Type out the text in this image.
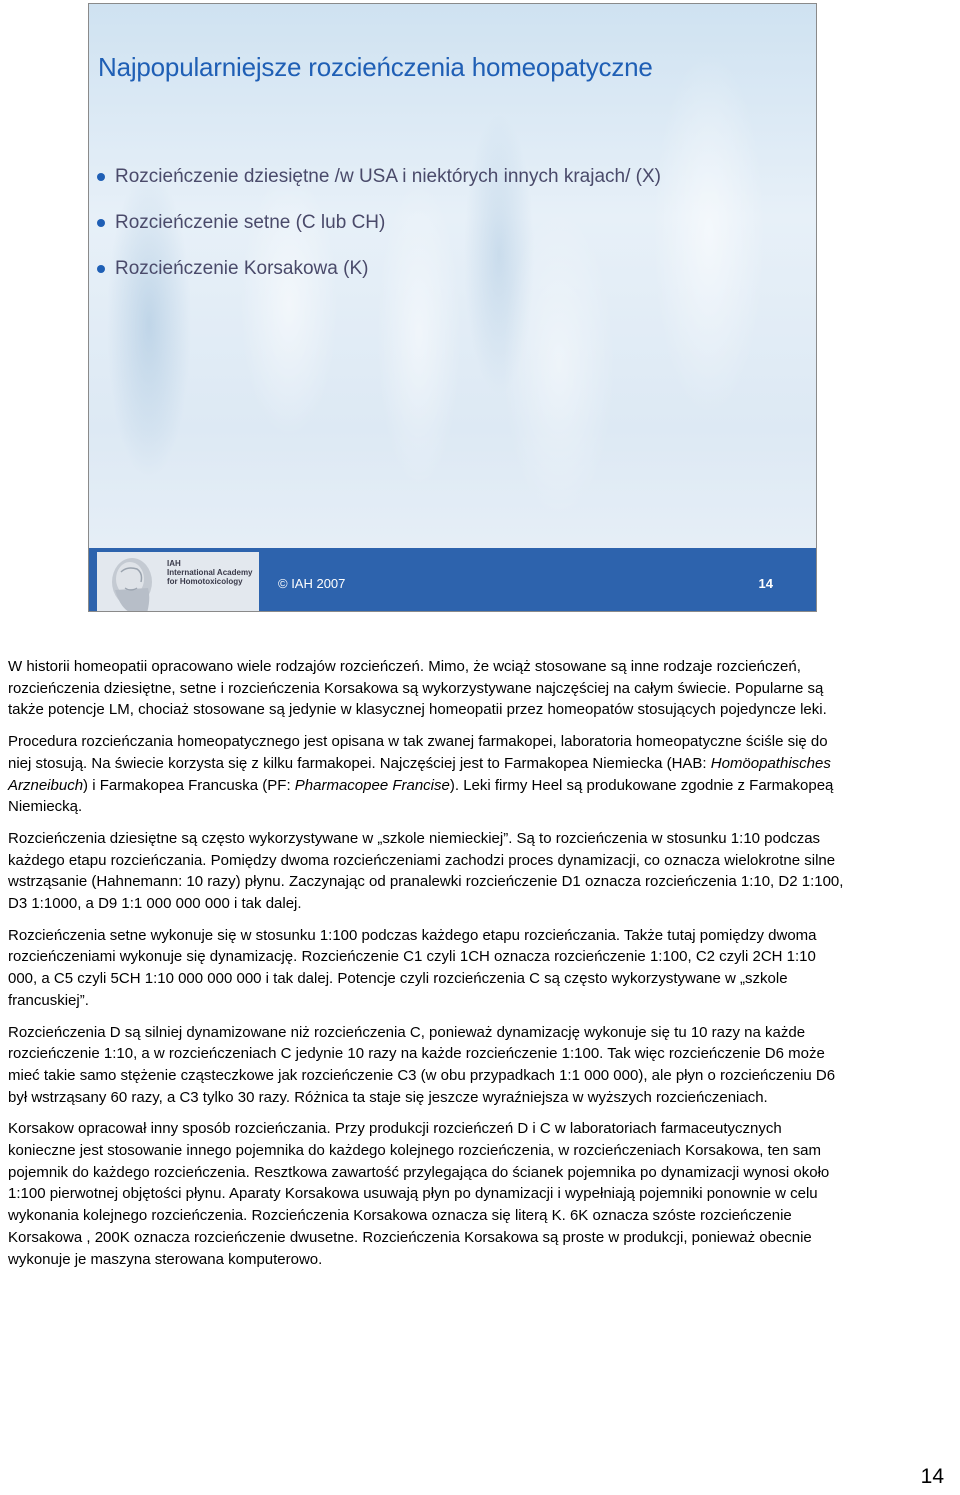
Najpopularniejsze rozcieńczenia homeopatyczne
Rozcieńczenie dziesiętne /w USA i niektórych innych krajach/ (X)
Rozcieńczenie setne (C lub CH)
Rozcieńczenie Korsakowa (K)
IAH
International Academy
for Homotoxicology	© IAH 2007	14

W historii homeopatii opracowano wiele rodzajów rozcieńczeń. Mimo, że wciąż stosowane są inne rodzaje rozcieńczeń, rozcieńczenia dziesiętne, setne i rozcieńczenia Korsakowa są wykorzystywane najczęściej na całym świecie. Popularne są także potencje LM, chociaż stosowane są jedynie w klasycznej homeopatii przez homeopatów stosujących pojedyncze leki.

Procedura rozcieńczania homeopatycznego jest opisana w tak zwanej farmakopei, laboratoria homeopatyczne ściśle się do niej stosują. Na świecie korzysta się z kilku farmakopei. Najczęściej jest to Farmakopea Niemiecka (HAB: Homöopathisches Arzneibuch) i Farmakopea Francuska (PF: Pharmacopee Francise). Leki firmy Heel są produkowane zgodnie z Farmakopeą Niemiecką.

Rozcieńczenia dziesiętne są często wykorzystywane w „szkole niemieckiej”. Są to rozcieńczenia w stosunku 1:10 podczas każdego etapu rozcieńczania. Pomiędzy dwoma rozcieńczeniami zachodzi proces dynamizacji, co oznacza wielokrotne silne wstrząsanie (Hahnemann: 10 razy) płynu. Zaczynając od pranalewki rozcieńczenie D1 oznacza rozcieńczenia 1:10, D2 1:100, D3 1:1000, a D9 1:1 000 000 000 i tak dalej.

Rozcieńczenia setne wykonuje się w stosunku 1:100 podczas każdego etapu rozcieńczania. Także tutaj pomiędzy dwoma rozcieńczeniami wykonuje się dynamizację. Rozcieńczenie C1 czyli 1CH oznacza rozcieńczenie 1:100, C2 czyli 2CH 1:10 000, a C5 czyli 5CH 1:10 000 000 000 i tak dalej. Potencje czyli rozcieńczenia C są często wykorzystywane w „szkole francuskiej”.

Rozcieńczenia D są silniej dynamizowane niż rozcieńczenia C, ponieważ dynamizację wykonuje się tu 10 razy na każde rozcieńczenie 1:10, a w rozcieńczeniach C jedynie 10 razy na każde rozcieńczenie 1:100. Tak więc rozcieńczenie D6 może mieć takie samo stężenie cząsteczkowe jak rozcieńczenie C3 (w obu przypadkach 1:1 000 000), ale płyn o rozcieńczeniu D6 był wstrząsany 60 razy, a C3 tylko 30 razy. Różnica ta staje się jeszcze wyraźniejsza w wyższych rozcieńczeniach.

Korsakow opracował inny sposób rozcieńczania. Przy produkcji rozcieńczeń D i C w laboratoriach farmaceutycznych konieczne jest stosowanie innego pojemnika do każdego kolejnego rozcieńczenia, w rozcieńczeniach Korsakowa, ten sam pojemnik do każdego rozcieńczenia. Resztkowa zawartość przylegająca do ścianek pojemnika po dynamizacji wynosi około 1:100 pierwotnej objętości płynu. Aparaty Korsakowa usuwają płyn po dynamizacji i wypełniają pojemniki ponownie w celu wykonania kolejnego rozcieńczenia. Rozcieńczenia Korsakowa oznacza się literą K. 6K oznacza szóste rozcieńczenie Korsakowa , 200K oznacza rozcieńczenie dwusetne. Rozcieńczenia Korsakowa są proste w produkcji, ponieważ obecnie wykonuje je maszyna sterowana komputerowo.

14
